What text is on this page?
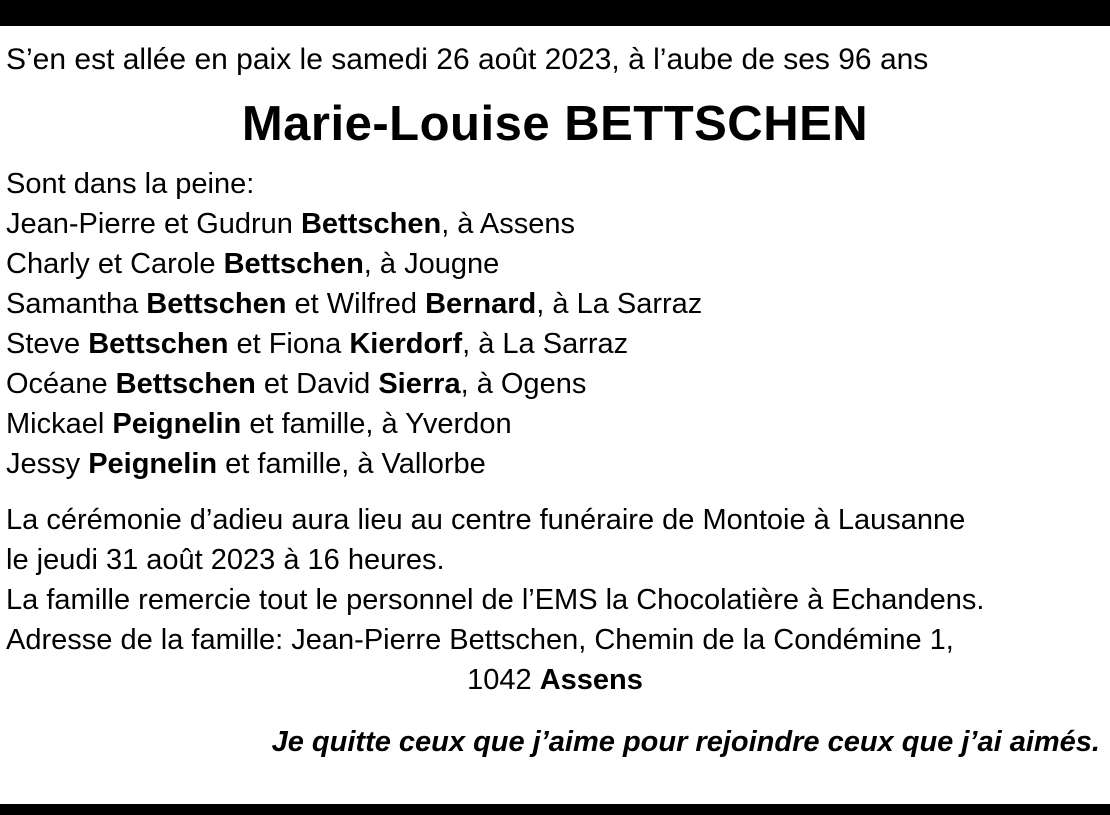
S’en est allée en paix le samedi 26 août 2023, à l’aube de ses 96 ans
Marie-Louise BETTSCHEN
Sont dans la peine:
Jean-Pierre et Gudrun Bettschen, à Assens
Charly et Carole Bettschen, à Jougne
Samantha Bettschen et Wilfred Bernard, à La Sarraz
Steve Bettschen et Fiona Kierdorf, à La Sarraz
Océane Bettschen et David Sierra, à Ogens
Mickael Peignelin et famille, à Yverdon
Jessy Peignelin et famille, à Vallorbe
La cérémonie d’adieu aura lieu au centre funéraire de Montoie à Lausanne
le jeudi 31 août 2023 à 16 heures.
La famille remercie tout le personnel de l’EMS la Chocolatière à Echandens.
Adresse de la famille: Jean-Pierre Bettschen, Chemin de la Condémine 1,
1042 Assens
Je quitte ceux que j’aime pour rejoindre ceux que j’ai aimés.
